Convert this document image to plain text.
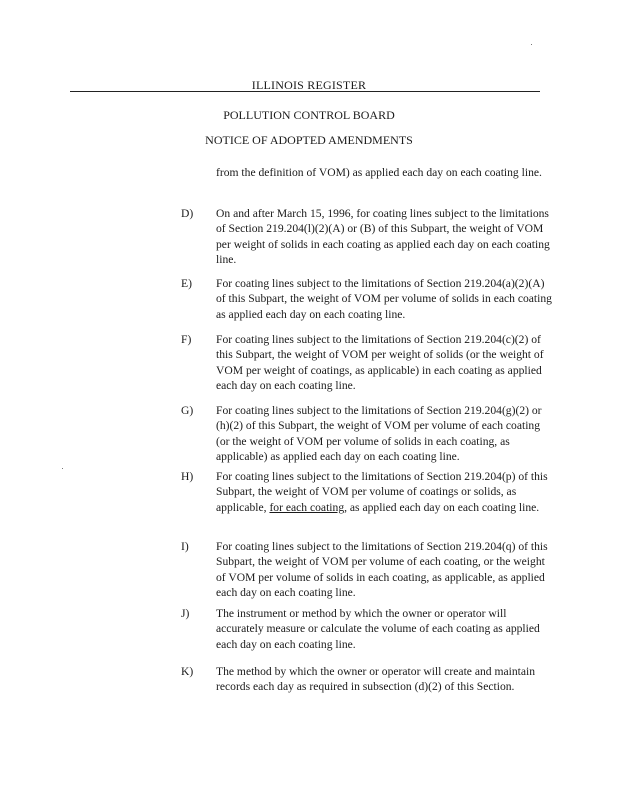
ILLINOIS REGISTER
POLLUTION CONTROL BOARD
NOTICE OF ADOPTED AMENDMENTS
from the definition of VOM) as applied each day on each coating line.
D) On and after March 15, 1996, for coating lines subject to the limitations of Section 219.204(l)(2)(A) or (B) of this Subpart, the weight of VOM per weight of solids in each coating as applied each day on each coating line.
E) For coating lines subject to the limitations of Section 219.204(a)(2)(A) of this Subpart, the weight of VOM per volume of solids in each coating as applied each day on each coating line.
F) For coating lines subject to the limitations of Section 219.204(c)(2) of this Subpart, the weight of VOM per weight of solids (or the weight of VOM per weight of coatings, as applicable) in each coating as applied each day on each coating line.
G) For coating lines subject to the limitations of Section 219.204(g)(2) or (h)(2) of this Subpart, the weight of VOM per volume of each coating (or the weight of VOM per volume of solids in each coating, as applicable) as applied each day on each coating line.
H) For coating lines subject to the limitations of Section 219.204(p) of this Subpart, the weight of VOM per volume of coatings or solids, as applicable, for each coating, as applied each day on each coating line.
I) For coating lines subject to the limitations of Section 219.204(q) of this Subpart, the weight of VOM per volume of each coating, or the weight of VOM per volume of solids in each coating, as applicable, as applied each day on each coating line.
J) The instrument or method by which the owner or operator will accurately measure or calculate the volume of each coating as applied each day on each coating line.
K) The method by which the owner or operator will create and maintain records each day as required in subsection (d)(2) of this Section.
